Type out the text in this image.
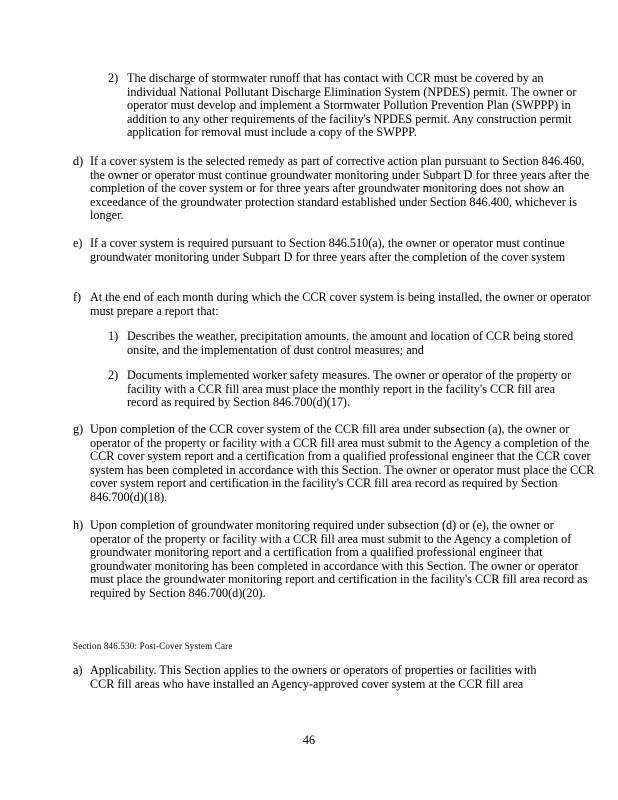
2) The discharge of stormwater runoff that has contact with CCR must be covered by an individual National Pollutant Discharge Elimination System (NPDES) permit. The owner or operator must develop and implement a Stormwater Pollution Prevention Plan (SWPPP) in addition to any other requirements of the facility's NPDES permit. Any construction permit application for removal must include a copy of the SWPPP.
d) If a cover system is the selected remedy as part of corrective action plan pursuant to Section 846.460, the owner or operator must continue groundwater monitoring under Subpart D for three years after the completion of the cover system or for three years after groundwater monitoring does not show an exceedance of the groundwater protection standard established under Section 846.400, whichever is longer.
e) If a cover system is required pursuant to Section 846.510(a), the owner or operator must continue groundwater monitoring under Subpart D for three years after the completion of the cover system
f) At the end of each month during which the CCR cover system is being installed, the owner or operator must prepare a report that:
1) Describes the weather, precipitation amounts, the amount and location of CCR being stored onsite, and the implementation of dust control measures; and
2) Documents implemented worker safety measures. The owner or operator of the property or facility with a CCR fill area must place the monthly report in the facility's CCR fill area record as required by Section 846.700(d)(17).
g) Upon completion of the CCR cover system of the CCR fill area under subsection (a), the owner or operator of the property or facility with a CCR fill area must submit to the Agency a completion of the CCR cover system report and a certification from a qualified professional engineer that the CCR cover system has been completed in accordance with this Section. The owner or operator must place the CCR cover system report and certification in the facility's CCR fill area record as required by Section 846.700(d)(18).
h) Upon completion of groundwater monitoring required under subsection (d) or (e), the owner or operator of the property or facility with a CCR fill area must submit to the Agency a completion of groundwater monitoring report and a certification from a qualified professional engineer that groundwater monitoring has been completed in accordance with this Section. The owner or operator must place the groundwater monitoring report and certification in the facility's CCR fill area record as required by Section 846.700(d)(20).
Section 846.530: Post-Cover System Care
a) Applicability. This Section applies to the owners or operators of properties or facilities with CCR fill areas who have installed an Agency-approved cover system at the CCR fill area
46
